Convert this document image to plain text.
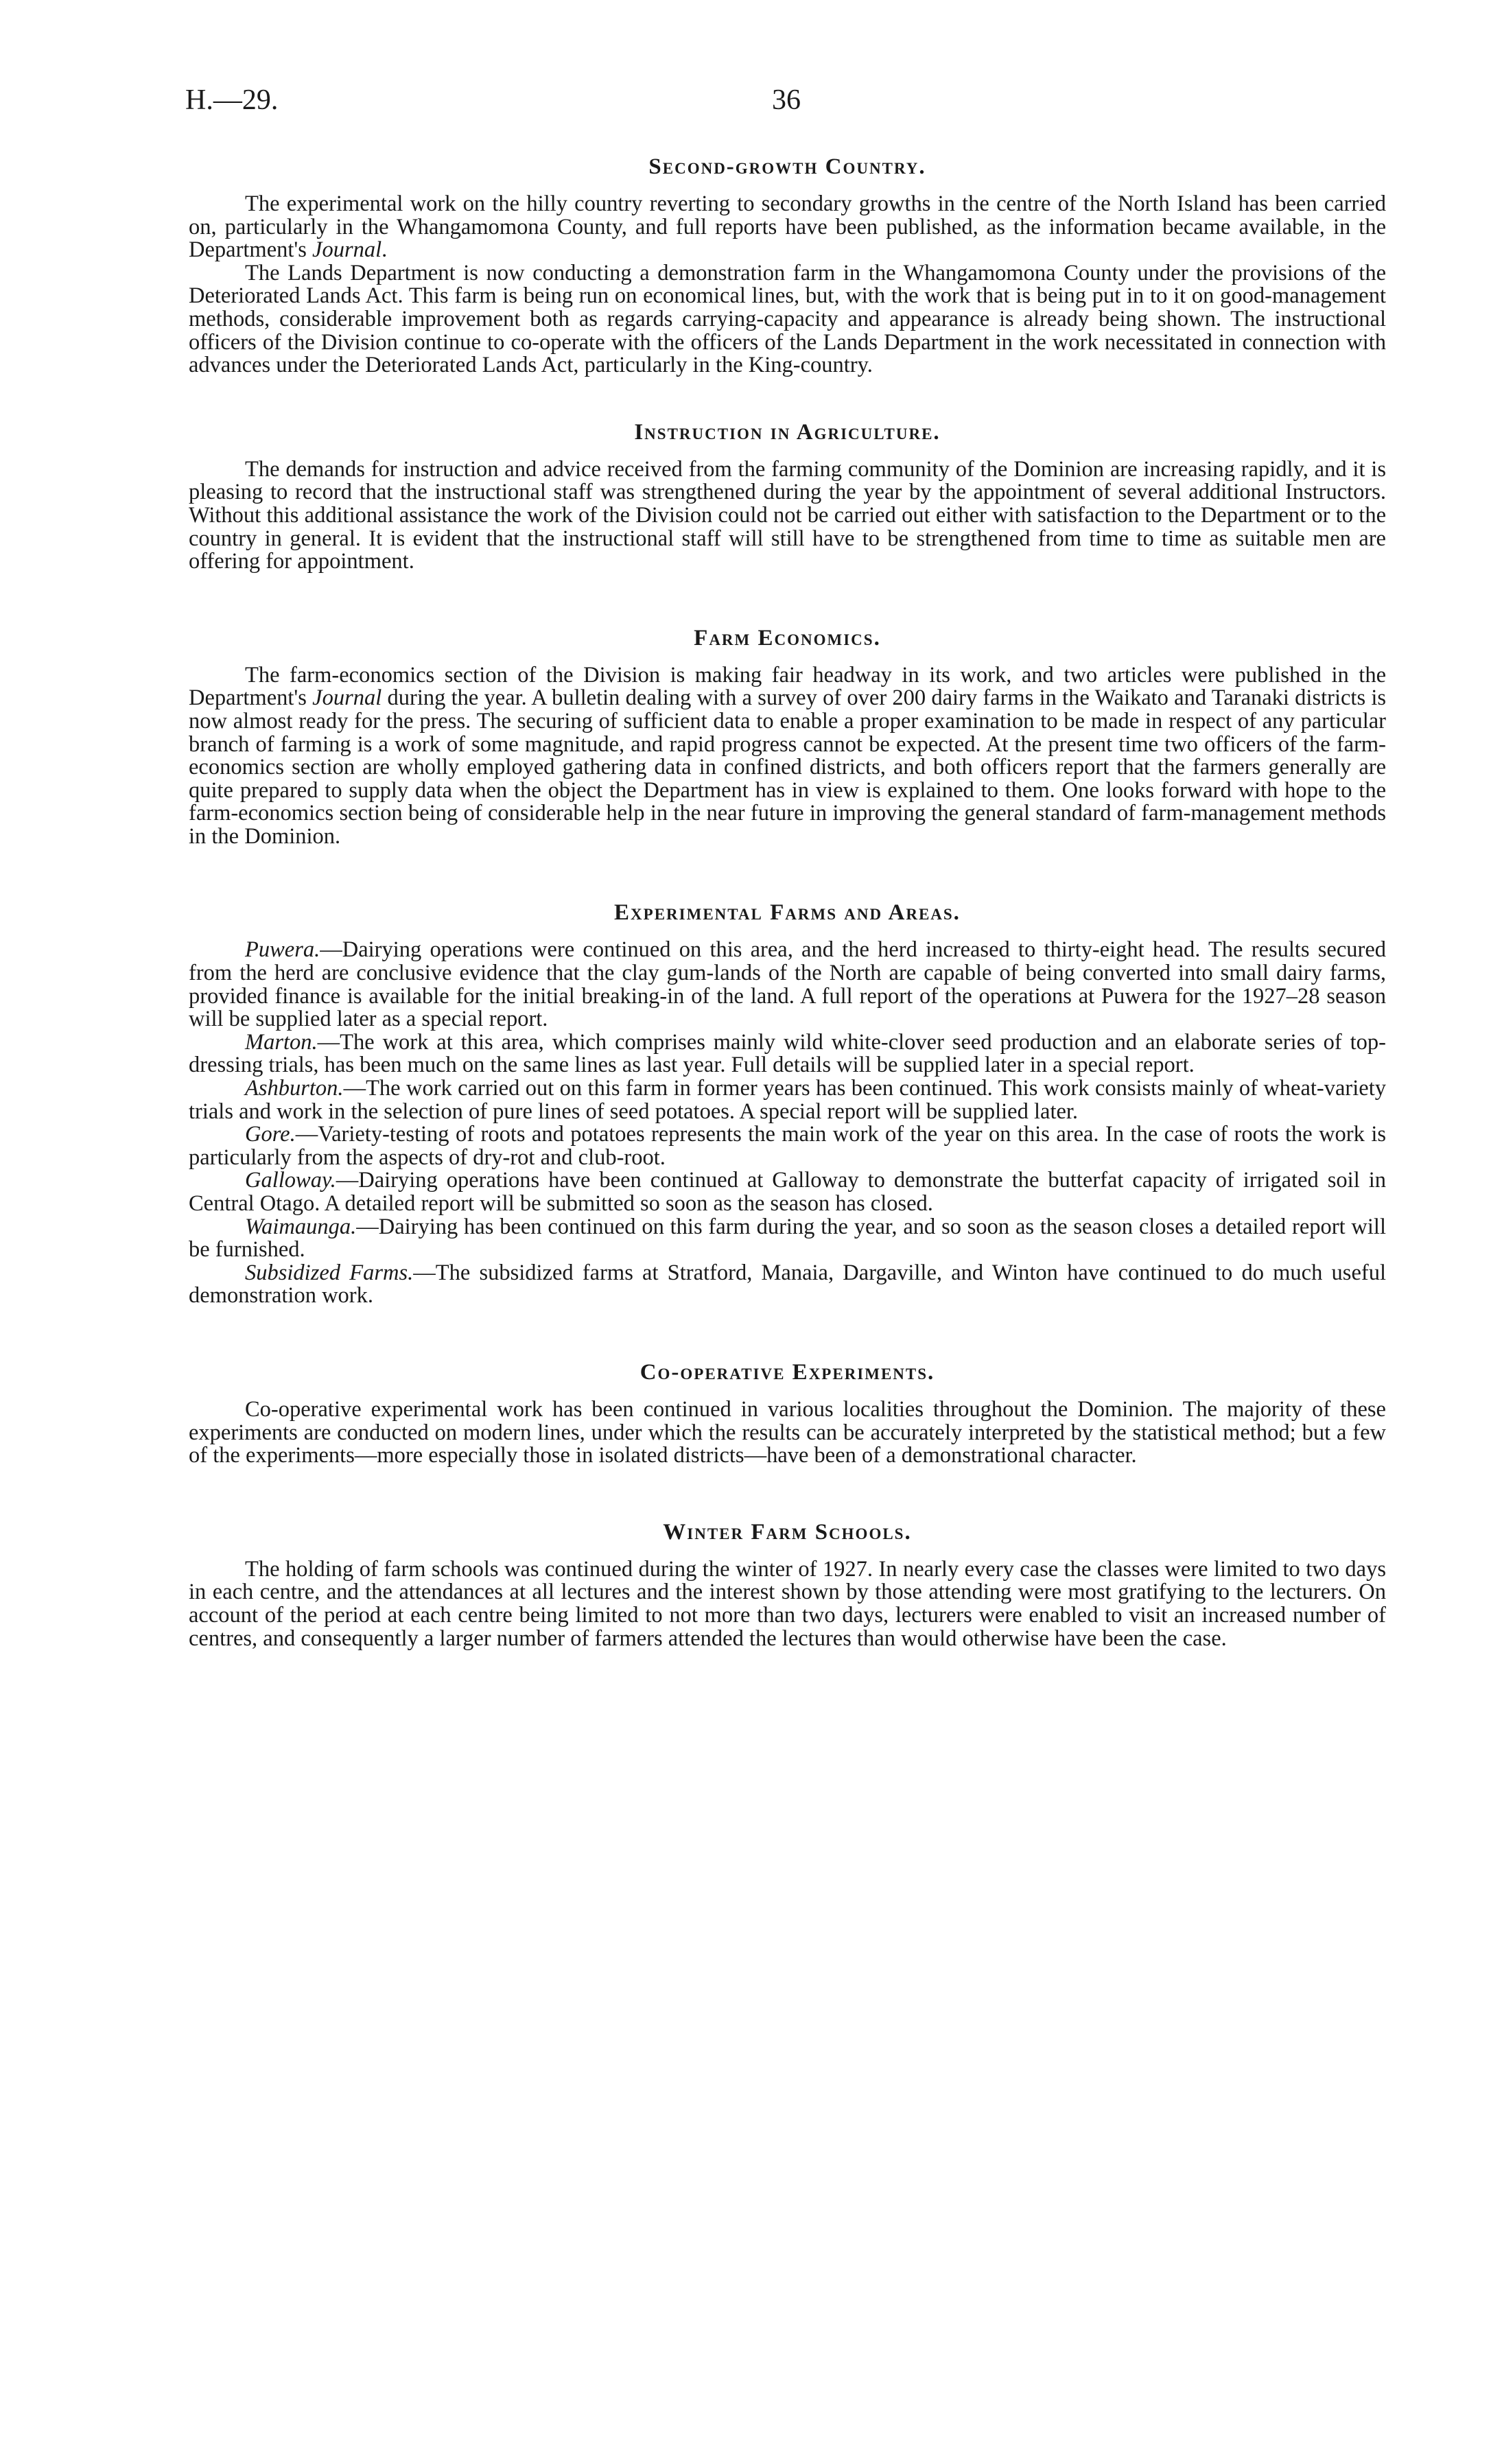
H.—29.	36
Second-growth Country.

The experimental work on the hilly country reverting to secondary growths in the centre of the North Island has been carried on, particularly in the Whangamomona County, and full reports have been published, as the information became available, in the Department's Journal.

The Lands Department is now conducting a demonstration farm in the Whangamomona County under the provisions of the Deteriorated Lands Act. This farm is being run on economical lines, but, with the work that is being put in to it on good-management methods, considerable improvement both as regards carrying-capacity and appearance is already being shown. The instructional officers of the Division continue to co-operate with the officers of the Lands Department in the work necessitated in connection with advances under the Deteriorated Lands Act, particularly in the King-country.

Instruction in Agriculture.

The demands for instruction and advice received from the farming community of the Dominion are increasing rapidly, and it is pleasing to record that the instructional staff was strengthened during the year by the appointment of several additional Instructors. Without this additional assistance the work of the Division could not be carried out either with satisfaction to the Department or to the country in general. It is evident that the instructional staff will still have to be strengthened from time to time as suitable men are offering for appointment.

Farm Economics.

The farm-economics section of the Division is making fair headway in its work, and two articles were published in the Department's Journal during the year. A bulletin dealing with a survey of over 200 dairy farms in the Waikato and Taranaki districts is now almost ready for the press. The securing of sufficient data to enable a proper examination to be made in respect of any particular branch of farming is a work of some magnitude, and rapid progress cannot be expected. At the present time two officers of the farm-economics section are wholly employed gathering data in confined districts, and both officers report that the farmers generally are quite prepared to supply data when the object the Department has in view is explained to them. One looks forward with hope to the farm-economics section being of considerable help in the near future in improving the general standard of farm-management methods in the Dominion.

Experimental Farms and Areas.

Puwera.—Dairying operations were continued on this area, and the herd increased to thirty-eight head. The results secured from the herd are conclusive evidence that the clay gum-lands of the North are capable of being converted into small dairy farms, provided finance is available for the initial breaking-in of the land. A full report of the operations at Puwera for the 1927–28 season will be supplied later as a special report.

Marton.—The work at this area, which comprises mainly wild white-clover seed production and an elaborate series of top-dressing trials, has been much on the same lines as last year. Full details will be supplied later in a special report.

Ashburton.—The work carried out on this farm in former years has been continued. This work consists mainly of wheat-variety trials and work in the selection of pure lines of seed potatoes. A special report will be supplied later.

Gore.—Variety-testing of roots and potatoes represents the main work of the year on this area. In the case of roots the work is particularly from the aspects of dry-rot and club-root.

Galloway.—Dairying operations have been continued at Galloway to demonstrate the butterfat capacity of irrigated soil in Central Otago. A detailed report will be submitted so soon as the season has closed.

Waimaunga.—Dairying has been continued on this farm during the year, and so soon as the season closes a detailed report will be furnished.

Subsidized Farms.—The subsidized farms at Stratford, Manaia, Dargaville, and Winton have continued to do much useful demonstration work.

Co-operative Experiments.

Co-operative experimental work has been continued in various localities throughout the Dominion. The majority of these experiments are conducted on modern lines, under which the results can be accurately interpreted by the statistical method; but a few of the experiments—more especially those in isolated districts—have been of a demonstrational character.

Winter Farm Schools.

The holding of farm schools was continued during the winter of 1927. In nearly every case the classes were limited to two days in each centre, and the attendances at all lectures and the interest shown by those attending were most gratifying to the lecturers. On account of the period at each centre being limited to not more than two days, lecturers were enabled to visit an increased number of centres, and consequently a larger number of farmers attended the lectures than would otherwise have been the case.
